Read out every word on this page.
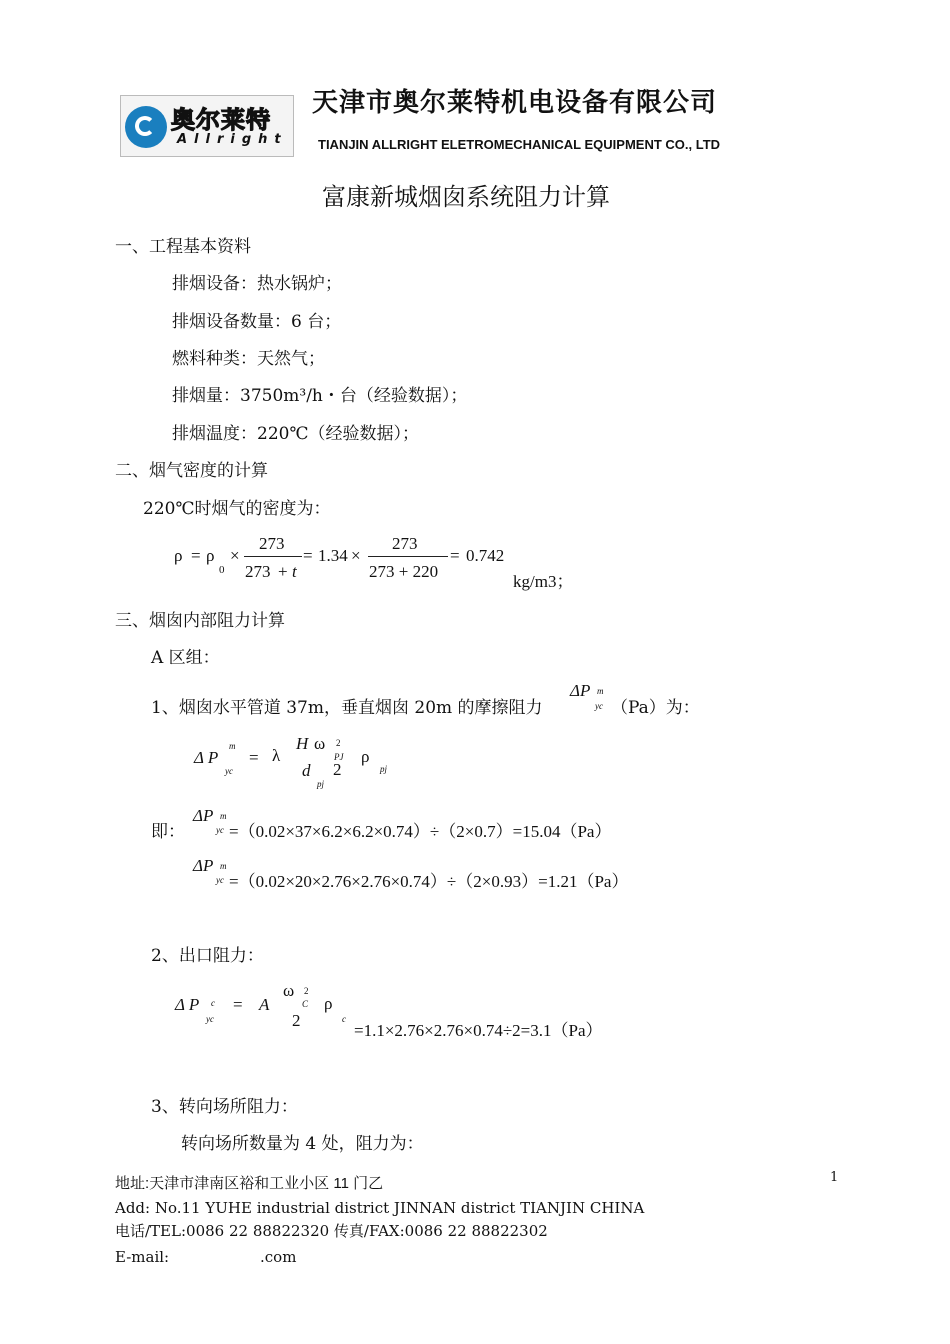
奥尔莱特
Allright
天津市奥尔莱特机电设备有限公司
TIANJIN ALLRIGHT ELETROMECHANICAL EQUIPMENT CO., LTD
富康新城烟囱系统阻力计算
一、工程基本资料
排烟设备：热水锅炉；
排烟设备数量：6 台；
燃料种类：天然气；
排烟量：3750m³/h・台（经验数据）；
排烟温度：220℃（经验数据）；
二、烟气密度的计算
220℃时烟气的密度为：
ρ = ρ
0
×
273
273 + t
= 1.34 ×
273
273 + 220
= 0.742
kg/m3；
三、烟囱内部阻力计算
A 区组：
1、烟囱水平管道 37m，垂直烟囱 20m 的摩擦阻力
ΔP m
yc （Pa）为：
Δ P
m
yc
= λ
H ω 2
PJ
d 2
pj
ρ
pj
即：
ΔP m
yc =（0.02×37×6.2×6.2×0.74）÷（2×0.7）=15.04（Pa）
ΔP m
yc =（0.02×20×2.76×2.76×0.74）÷（2×0.93）=1.21（Pa）
2、出口阻力：
Δ P c
yc
= A
ω 2
C
2
ρ
c
=1.1×2.76×2.76×0.74÷2=3.1（Pa）
3、转向场所阻力：
转向场所数量为 4 处，阻力为：
1
地址:天津市津南区裕和工业小区 11 门乙
Add: No.11 YUHE industrial district JINNAN district TIANJIN CHINA
电话/TEL:0086 22 88822320 传真/FAX:0086 22 88822302
E-mail:	.com
